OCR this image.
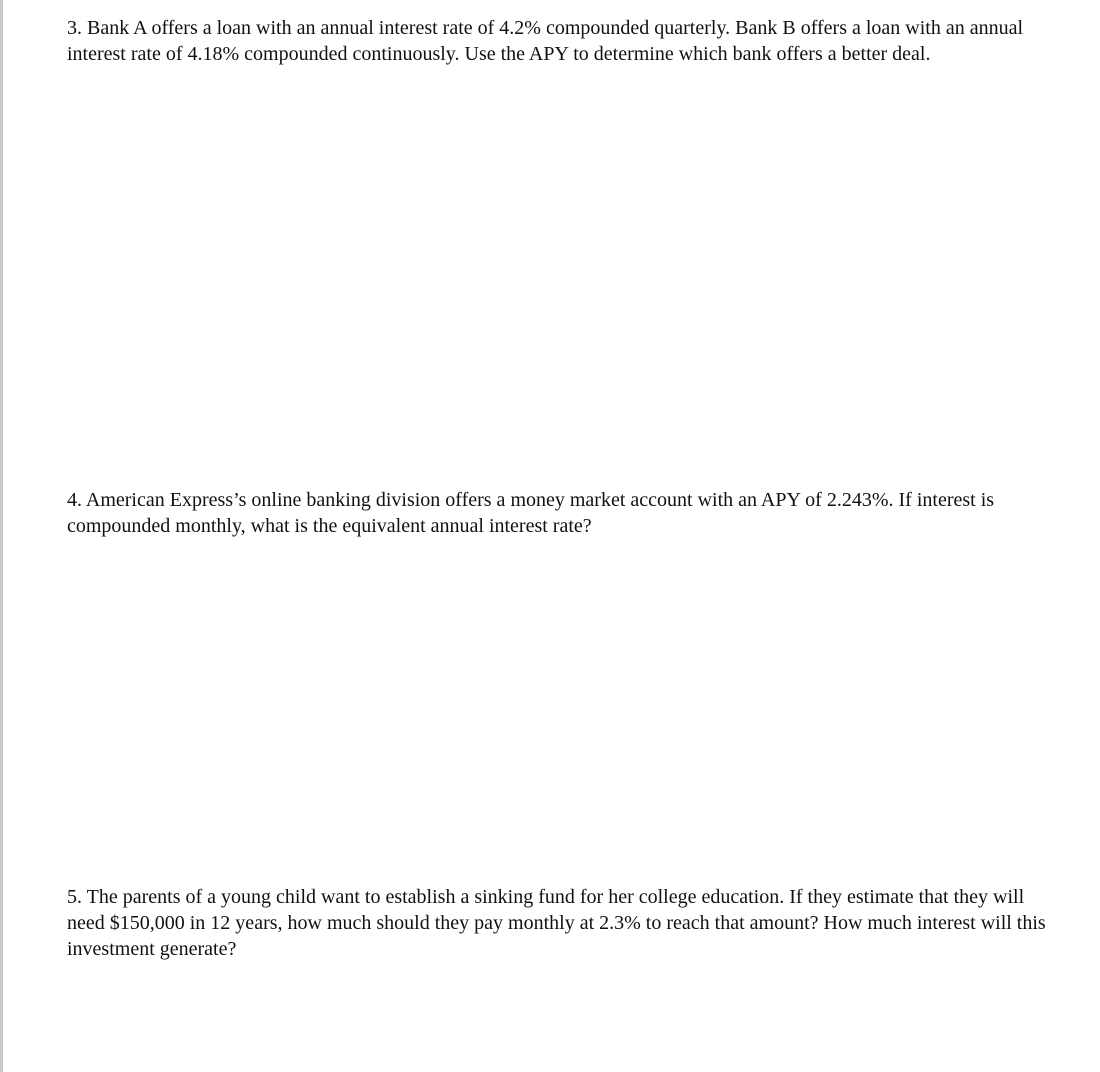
3. Bank A offers a loan with an annual interest rate of 4.2% compounded quarterly. Bank B offers a loan with an annual interest rate of 4.18% compounded continuously. Use the APY to determine which bank offers a better deal.

4. American Express’s online banking division offers a money market account with an APY of 2.243%. If interest is compounded monthly, what is the equivalent annual interest rate?

5. The parents of a young child want to establish a sinking fund for her college education. If they estimate that they will need $150,000 in 12 years, how much should they pay monthly at 2.3% to reach that amount? How much interest will this investment generate?
